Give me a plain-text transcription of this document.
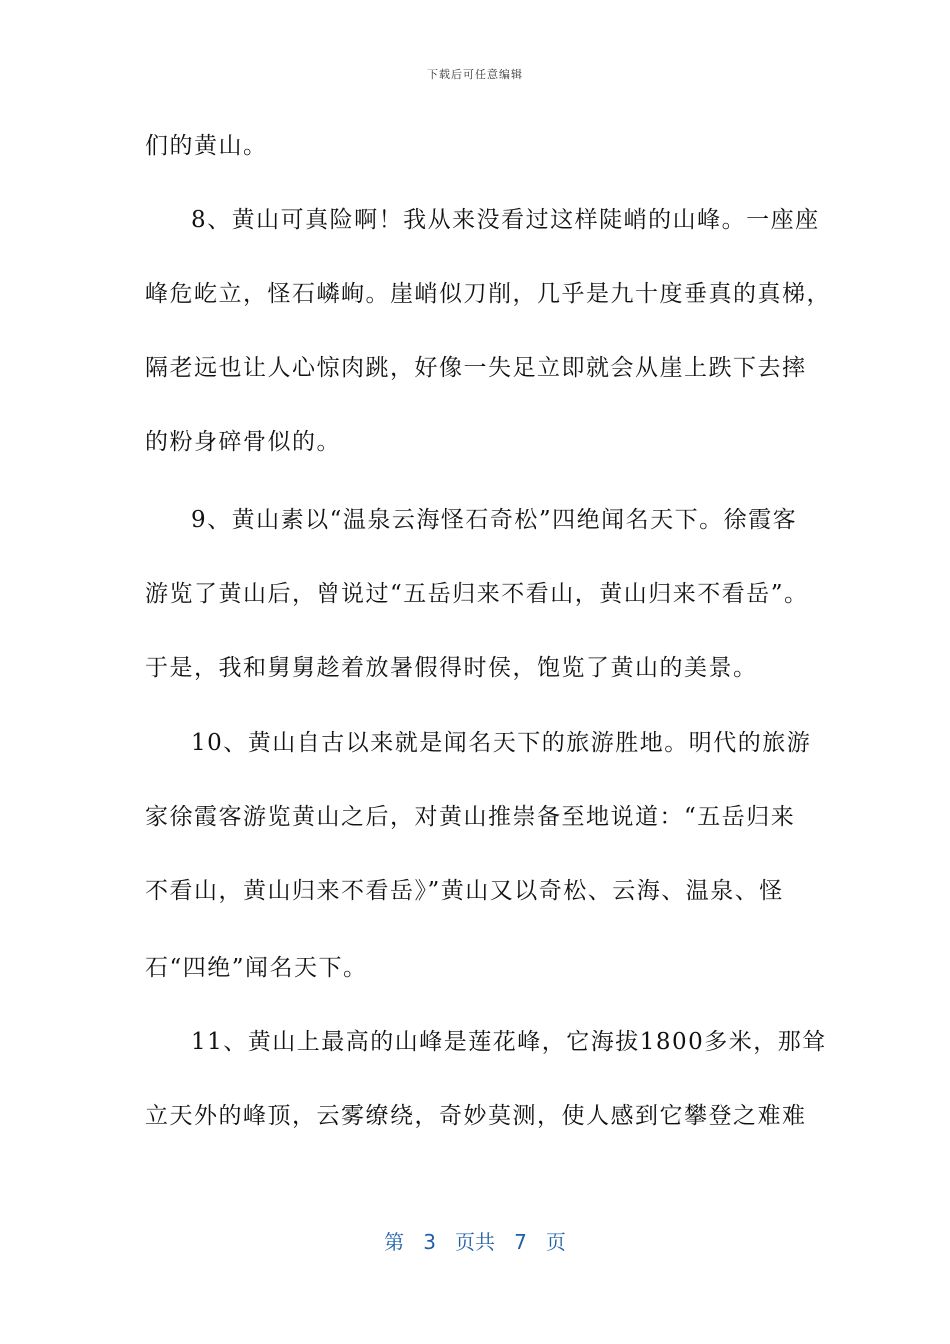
下载后可任意编辑
们的黄山。
8、黄山可真险啊！我从来没看过这样陡峭的山峰。一座座
峰危屹立，怪石嶙峋。崖峭似刀削，几乎是九十度垂真的真梯，
隔老远也让人心惊肉跳，好像一失足立即就会从崖上跌下去摔
的粉身碎骨似的。
9、黄山素以“温泉云海怪石奇松”四绝闻名天下。徐霞客
游览了黄山后，曾说过“五岳归来不看山，黄山归来不看岳”。
于是，我和舅舅趁着放暑假得时侯，饱览了黄山的美景。
10、黄山自古以来就是闻名天下的旅游胜地。明代的旅游
家徐霞客游览黄山之后，对黄山推崇备至地说道：“五岳归来
不看山，黄山归来不看岳》”黄山又以奇松、云海、温泉、怪
石“四绝”闻名天下。
11、黄山上最高的山峰是莲花峰，它海拔1800多米，那耸
立天外的峰顶，云雾缭绕，奇妙莫测，使人感到它攀登之难难
第 3 页共 7 页
